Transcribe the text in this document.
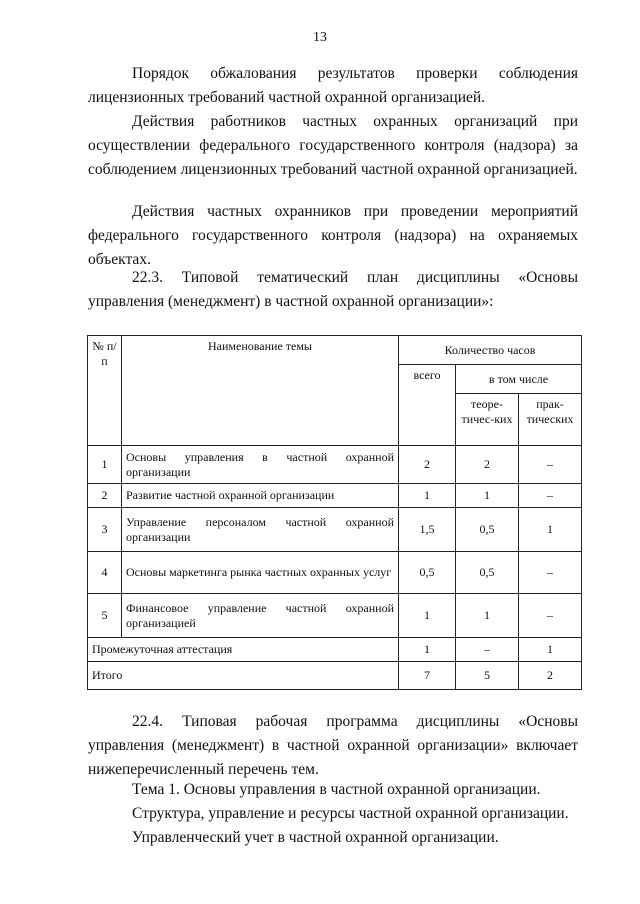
13

Порядок обжалования результатов проверки соблюдения лицензионных требований частной охранной организацией.

Действия работников частных охранных организаций при осуществлении федерального государственного контроля (надзора) за соблюдением лицензионных требований частной охранной организацией.

Действия частных охранников при проведении мероприятий федерального государственного контроля (надзора) на охраняемых объектах.

22.3. Типовой тематический план дисциплины «Основы управления (менеджмент) в частной охранной организации»:

№ п/п	Наименование темы	Количество часов		
		всего	в том числе	
			теоре-тичес-ких	прак-тических
1	Основы управления в частной охранной организации	2	2	–
2	Развитие частной охранной организации	1	1	–
3	Управление персоналом частной охранной организации	1,5	0,5	1
4	Основы маркетинга рынка частных охранных услуг	0,5	0,5	–
5	Финансовое управление частной охранной организацией	1	1	–
Промежуточная аттестация		1	–	1
Итого		7	5	2

22.4. Типовая рабочая программа дисциплины «Основы управления (менеджмент) в частной охранной организации» включает нижеперечисленный перечень тем.

Тема 1. Основы управления в частной охранной организации.

Структура, управление и ресурсы частной охранной организации.

Управленческий учет в частной охранной организации.
